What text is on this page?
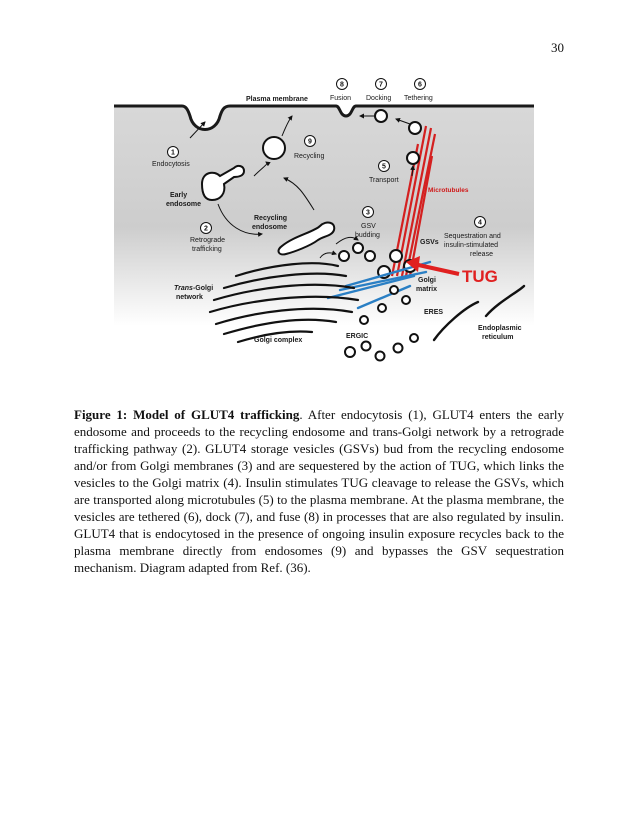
30
Plasma membrane
8
Fusion
7
Docking
6
Tethering
Microtubules
5
Transport
1
Endocytosis
Early
endosome
9
Recycling
2
Retrograde
trafficking
Recycling
endosome
3
GSV
budding
GSVs
4
Sequestration and
insulin-stimulated
release
Golgi
matrix
TUG
Trans-Golgi
network
Golgi complex
ERES
Endoplasmic
reticulum
ERGIC
Figure 1: Model of GLUT4 trafficking. After endocytosis (1), GLUT4 enters the early endosome and proceeds to the recycling endosome and trans-Golgi network by a retrograde trafficking pathway (2). GLUT4 storage vesicles (GSVs) bud from the recycling endosome and/or from Golgi membranes (3) and are sequestered by the action of TUG, which links the vesicles to the Golgi matrix (4). Insulin stimulates TUG cleavage to release the GSVs, which are transported along microtubules (5) to the plasma membrane. At the plasma membrane, the vesicles are tethered (6), dock (7), and fuse (8) in processes that are also regulated by insulin. GLUT4 that is endocytosed in the presence of ongoing insulin exposure recycles back to the plasma membrane directly from endosomes (9) and bypasses the GSV sequestration mechanism. Diagram adapted from Ref. (36).
